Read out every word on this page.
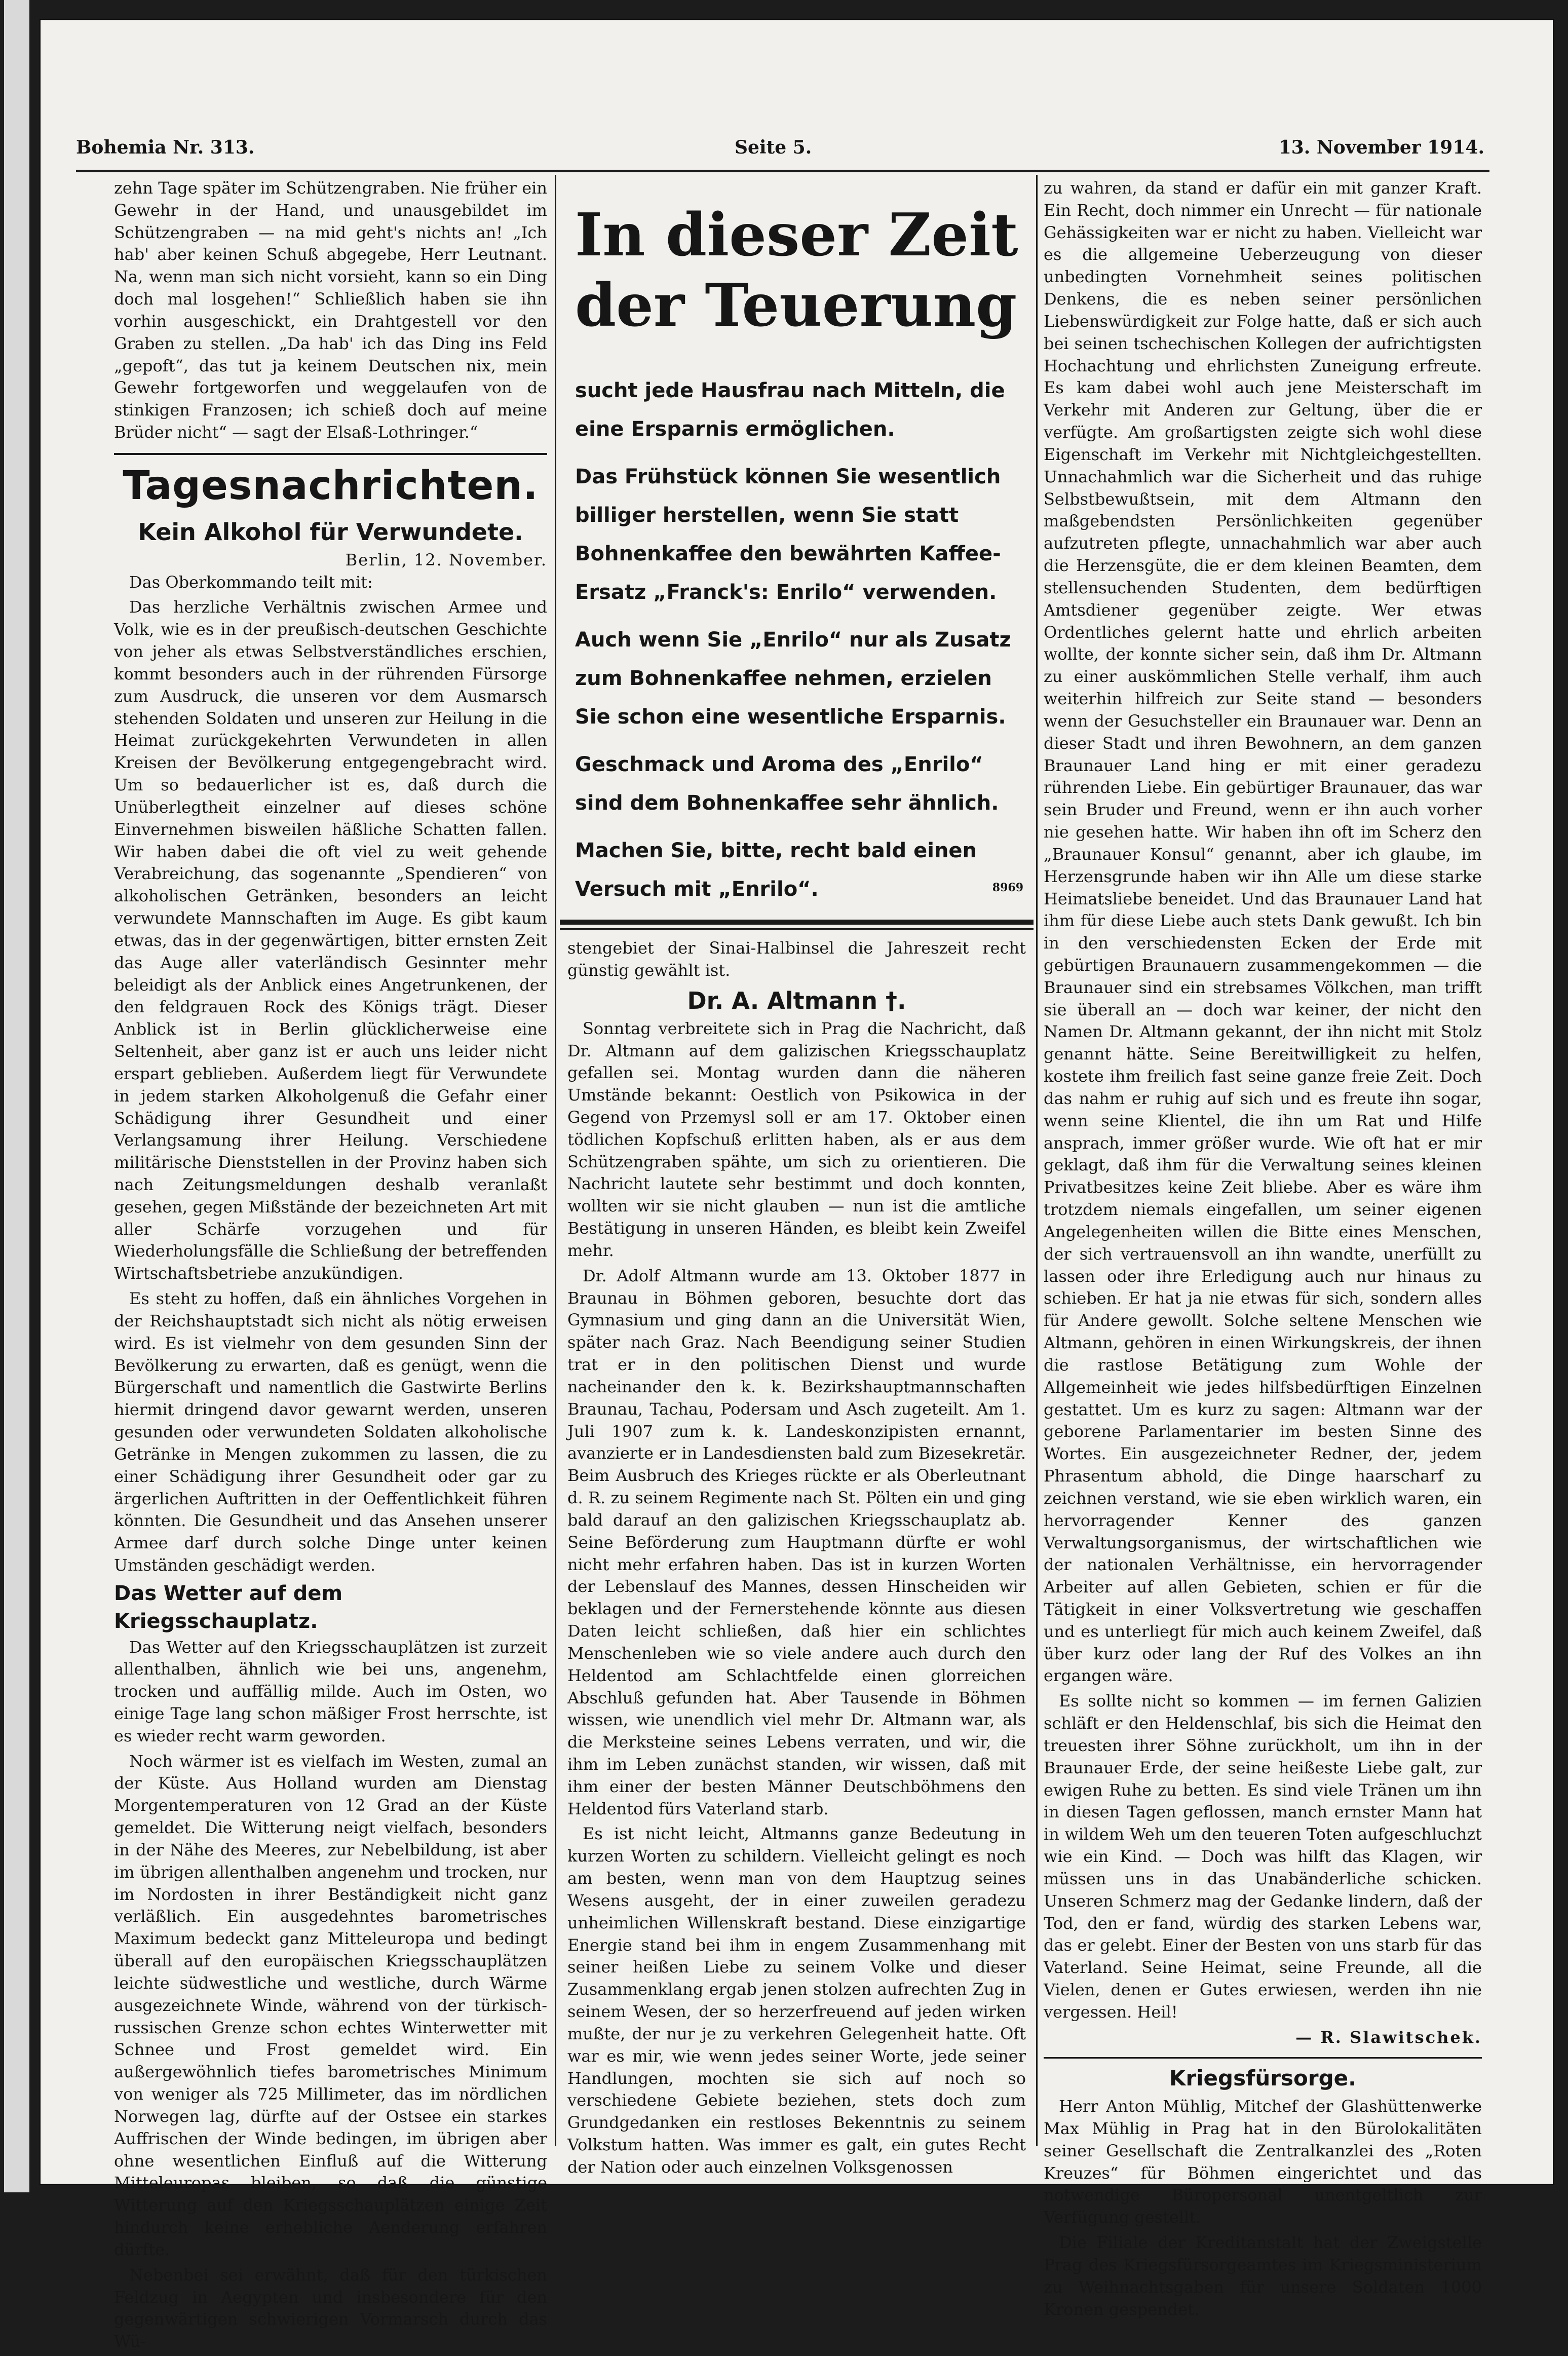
Bohemia Nr. 313.	Seite 5.	13. November 1914.

zehn Tage später im Schützengraben. Nie früher ein Gewehr in der Hand, und unausgebildet im Schützengraben — na mid geht's nichts an! „Ich hab' aber keinen Schuß abgegebe, Herr Leutnant. Na, wenn man sich nicht vorsieht, kann so ein Ding doch mal losgehen!“ Schließlich haben sie ihn vorhin ausgeschickt, ein Drahtgestell vor den Graben zu stellen. „Da hab' ich das Ding ins Feld „gepoft“, das tut ja keinem Deutschen nix, mein Gewehr fortgeworfen und weggelaufen von de stinkigen Franzosen; ich schieß doch auf meine Brüder nicht“ — sagt der Elsaß-Lothringer.“

Tagesnachrichten.
Kein Alkohol für Verwundete.
Berlin, 12. November.

Das Oberkommando teilt mit:

Das herzliche Verhältnis zwischen Armee und Volk, wie es in der preußisch-deutschen Geschichte von jeher als etwas Selbstverständliches erschien, kommt besonders auch in der rührenden Fürsorge zum Ausdruck, die unseren vor dem Ausmarsch stehenden Soldaten und unseren zur Heilung in die Heimat zurückgekehrten Verwundeten in allen Kreisen der Bevölkerung entgegengebracht wird. Um so bedauerlicher ist es, daß durch die Unüberlegtheit einzelner auf dieses schöne Einvernehmen bisweilen häßliche Schatten fallen. Wir haben dabei die oft viel zu weit gehende Verabreichung, das sogenannte „Spendieren“ von alkoholischen Getränken, besonders an leicht verwundete Mannschaften im Auge. Es gibt kaum etwas, das in der gegenwärtigen, bitter ernsten Zeit das Auge aller vaterländisch Gesinnter mehr beleidigt als der Anblick eines Angetrunkenen, der den feldgrauen Rock des Königs trägt. Dieser Anblick ist in Berlin glücklicherweise eine Seltenheit, aber ganz ist er auch uns leider nicht erspart geblieben. Außerdem liegt für Verwundete in jedem starken Alkoholgenuß die Gefahr einer Schädigung ihrer Gesundheit und einer Verlangsamung ihrer Heilung. Verschiedene militärische Dienststellen in der Provinz haben sich nach Zeitungsmeldungen deshalb veranlaßt gesehen, gegen Mißstände der bezeichneten Art mit aller Schärfe vorzugehen und für Wiederholungsfälle die Schließung der betreffenden Wirtschaftsbetriebe anzukündigen.

Es steht zu hoffen, daß ein ähnliches Vorgehen in der Reichshauptstadt sich nicht als nötig erweisen wird. Es ist vielmehr von dem gesunden Sinn der Bevölkerung zu erwarten, daß es genügt, wenn die Bürgerschaft und namentlich die Gastwirte Berlins hiermit dringend davor gewarnt werden, unseren gesunden oder verwundeten Soldaten alkoholische Getränke in Mengen zukommen zu lassen, die zu einer Schädigung ihrer Gesundheit oder gar zu ärgerlichen Auftritten in der Oeffentlichkeit führen könnten. Die Gesundheit und das Ansehen unserer Armee darf durch solche Dinge unter keinen Umständen geschädigt werden.

Das Wetter auf dem Kriegsschauplatz.

Das Wetter auf den Kriegsschauplätzen ist zurzeit allenthalben, ähnlich wie bei uns, angenehm, trocken und auffällig milde. Auch im Osten, wo einige Tage lang schon mäßiger Frost herrschte, ist es wieder recht warm geworden.

Noch wärmer ist es vielfach im Westen, zumal an der Küste. Aus Holland wurden am Dienstag Morgentemperaturen von 12 Grad an der Küste gemeldet. Die Witterung neigt vielfach, besonders in der Nähe des Meeres, zur Nebelbildung, ist aber im übrigen allenthalben angenehm und trocken, nur im Nordosten in ihrer Beständigkeit nicht ganz verläßlich. Ein ausgedehntes barometrisches Maximum bedeckt ganz Mitteleuropa und bedingt überall auf den europäischen Kriegsschauplätzen leichte südwestliche und westliche, durch Wärme ausgezeichnete Winde, während von der türkisch-russischen Grenze schon echtes Winterwetter mit Schnee und Frost gemeldet wird. Ein außergewöhnlich tiefes barometrisches Minimum von weniger als 725 Millimeter, das im nördlichen Norwegen lag, dürfte auf der Ostsee ein starkes Auffrischen der Winde bedingen, im übrigen aber ohne wesentlichen Einfluß auf die Witterung Mitteleuropas bleiben, so daß die günstige Witterung auf den Kriegsschauplätzen einige Zeit hindurch keine erhebliche Aenderung erfahren dürfte.

Nebenbei sei erwähnt, daß für den türkischen Feldzug in Aegypten und insbesondere für den gegenwärtigen schwierigen Vormarsch durch das Wü-

In dieser Zeit
der Teuerung

sucht jede Hausfrau nach Mitteln, die eine Ersparnis ermöglichen.

Das Frühstück können Sie wesentlich billiger herstellen, wenn Sie statt Bohnenkaffee den bewährten Kaffee-Ersatz „Franck's: Enrilo“ verwenden.

Auch wenn Sie „Enrilo“ nur als Zusatz zum Bohnenkaffee nehmen, erzielen Sie schon eine wesentliche Ersparnis.

Geschmack und Aroma des „Enrilo“ sind dem Bohnenkaffee sehr ähnlich.

Machen Sie, bitte, recht bald einen Versuch mit „Enrilo“.	8969

stengebiet der Sinai-Halbinsel die Jahreszeit recht günstig gewählt ist.

Dr. A. Altmann †.

Sonntag verbreitete sich in Prag die Nachricht, daß Dr. Altmann auf dem galizischen Kriegsschauplatz gefallen sei. Montag wurden dann die näheren Umstände bekannt: Oestlich von Psikowica in der Gegend von Przemysl soll er am 17. Oktober einen tödlichen Kopfschuß erlitten haben, als er aus dem Schützengraben spähte, um sich zu orientieren. Die Nachricht lautete sehr bestimmt und doch konnten, wollten wir sie nicht glauben — nun ist die amtliche Bestätigung in unseren Händen, es bleibt kein Zweifel mehr.

Dr. Adolf Altmann wurde am 13. Oktober 1877 in Braunau in Böhmen geboren, besuchte dort das Gymnasium und ging dann an die Universität Wien, später nach Graz. Nach Beendigung seiner Studien trat er in den politischen Dienst und wurde nacheinander den k. k. Bezirkshauptmannschaften Braunau, Tachau, Podersam und Asch zugeteilt. Am 1. Juli 1907 zum k. k. Landeskonzipisten ernannt, avanzierte er in Landesdiensten bald zum Bizesekretär. Beim Ausbruch des Krieges rückte er als Oberleutnant d. R. zu seinem Regimente nach St. Pölten ein und ging bald darauf an den galizischen Kriegsschauplatz ab. Seine Beförderung zum Hauptmann dürfte er wohl nicht mehr erfahren haben. Das ist in kurzen Worten der Lebenslauf des Mannes, dessen Hinscheiden wir beklagen und der Fernerstehende könnte aus diesen Daten leicht schließen, daß hier ein schlichtes Menschenleben wie so viele andere auch durch den Heldentod am Schlachtfelde einen glorreichen Abschluß gefunden hat. Aber Tausende in Böhmen wissen, wie unendlich viel mehr Dr. Altmann war, als die Merksteine seines Lebens verraten, und wir, die ihm im Leben zunächst standen, wir wissen, daß mit ihm einer der besten Männer Deutschböhmens den Heldentod fürs Vaterland starb.

Es ist nicht leicht, Altmanns ganze Bedeutung in kurzen Worten zu schildern. Vielleicht gelingt es noch am besten, wenn man von dem Hauptzug seines Wesens ausgeht, der in einer zuweilen geradezu unheimlichen Willenskraft bestand. Diese einzigartige Energie stand bei ihm in engem Zusammenhang mit seiner heißen Liebe zu seinem Volke und dieser Zusammenklang ergab jenen stolzen aufrechten Zug in seinem Wesen, der so herzerfreuend auf jeden wirken mußte, der nur je zu verkehren Gelegenheit hatte. Oft war es mir, wie wenn jedes seiner Worte, jede seiner Handlungen, mochten sie sich auf noch so verschiedene Gebiete beziehen, stets doch zum Grundgedanken ein restloses Bekenntnis zu seinem Volkstum hatten. Was immer es galt, ein gutes Recht der Nation oder auch einzelnen Volksgenossen

zu wahren, da stand er dafür ein mit ganzer Kraft. Ein Recht, doch nimmer ein Unrecht — für nationale Gehässigkeiten war er nicht zu haben. Vielleicht war es die allgemeine Ueberzeugung von dieser unbedingten Vornehmheit seines politischen Denkens, die es neben seiner persönlichen Liebenswürdigkeit zur Folge hatte, daß er sich auch bei seinen tschechischen Kollegen der aufrichtigsten Hochachtung und ehrlichsten Zuneigung erfreute. Es kam dabei wohl auch jene Meisterschaft im Verkehr mit Anderen zur Geltung, über die er verfügte. Am großartigsten zeigte sich wohl diese Eigenschaft im Verkehr mit Nichtgleichgestellten. Unnachahmlich war die Sicherheit und das ruhige Selbstbewußtsein, mit dem Altmann den maßgebendsten Persönlichkeiten gegenüber aufzutreten pflegte, unnachahmlich war aber auch die Herzensgüte, die er dem kleinen Beamten, dem stellensuchenden Studenten, dem bedürftigen Amtsdiener gegenüber zeigte. Wer etwas Ordentliches gelernt hatte und ehrlich arbeiten wollte, der konnte sicher sein, daß ihm Dr. Altmann zu einer auskömmlichen Stelle verhalf, ihm auch weiterhin hilfreich zur Seite stand — besonders wenn der Gesuchsteller ein Braunauer war. Denn an dieser Stadt und ihren Bewohnern, an dem ganzen Braunauer Land hing er mit einer geradezu rührenden Liebe. Ein gebürtiger Braunauer, das war sein Bruder und Freund, wenn er ihn auch vorher nie gesehen hatte. Wir haben ihn oft im Scherz den „Braunauer Konsul“ genannt, aber ich glaube, im Herzensgrunde haben wir ihn Alle um diese starke Heimatsliebe beneidet. Und das Braunauer Land hat ihm für diese Liebe auch stets Dank gewußt. Ich bin in den verschiedensten Ecken der Erde mit gebürtigen Braunauern zusammengekommen — die Braunauer sind ein strebsames Völkchen, man trifft sie überall an — doch war keiner, der nicht den Namen Dr. Altmann gekannt, der ihn nicht mit Stolz genannt hätte. Seine Bereitwilligkeit zu helfen, kostete ihm freilich fast seine ganze freie Zeit. Doch das nahm er ruhig auf sich und es freute ihn sogar, wenn seine Klientel, die ihn um Rat und Hilfe ansprach, immer größer wurde. Wie oft hat er mir geklagt, daß ihm für die Verwaltung seines kleinen Privatbesitzes keine Zeit bliebe. Aber es wäre ihm trotzdem niemals eingefallen, um seiner eigenen Angelegenheiten willen die Bitte eines Menschen, der sich vertrauensvoll an ihn wandte, unerfüllt zu lassen oder ihre Erledigung auch nur hinaus zu schieben. Er hat ja nie etwas für sich, sondern alles für Andere gewollt. Solche seltene Menschen wie Altmann, gehören in einen Wirkungskreis, der ihnen die rastlose Betätigung zum Wohle der Allgemeinheit wie jedes hilfsbedürftigen Einzelnen gestattet. Um es kurz zu sagen: Altmann war der geborene Parlamentarier im besten Sinne des Wortes. Ein ausgezeichneter Redner, der, jedem Phrasentum abhold, die Dinge haarscharf zu zeichnen verstand, wie sie eben wirklich waren, ein hervorragender Kenner des ganzen Verwaltungsorganismus, der wirtschaftlichen wie der nationalen Verhältnisse, ein hervorragender Arbeiter auf allen Gebieten, schien er für die Tätigkeit in einer Volksvertretung wie geschaffen und es unterliegt für mich auch keinem Zweifel, daß über kurz oder lang der Ruf des Volkes an ihn ergangen wäre.

Es sollte nicht so kommen — im fernen Galizien schläft er den Heldenschlaf, bis sich die Heimat den treuesten ihrer Söhne zurückholt, um ihn in der Braunauer Erde, der seine heißeste Liebe galt, zur ewigen Ruhe zu betten. Es sind viele Tränen um ihn in diesen Tagen geflossen, manch ernster Mann hat in wildem Weh um den teueren Toten aufgeschluchzt wie ein Kind. — Doch was hilft das Klagen, wir müssen uns in das Unabänderliche schicken. Unseren Schmerz mag der Gedanke lindern, daß der Tod, den er fand, würdig des starken Lebens war, das er gelebt. Einer der Besten von uns starb für das Vaterland. Seine Heimat, seine Freunde, all die Vielen, denen er Gutes erwiesen, werden ihn nie vergessen. Heil!

— R. Slawitschek.
Kriegsfürsorge.

Herr Anton Mühlig, Mitchef der Glashüttenwerke Max Mühlig in Prag hat in den Bürolokalitäten seiner Gesellschaft die Zentralkanzlei des „Roten Kreuzes“ für Böhmen eingerichtet und das notwendige Büropersonal unentgeltlich zur Verfügung gestellt.

Die Filiale der Kreditanstalt hat der Zweigstelle Prag des Kriegsfürsorgeamtes im Kriegsministerium zu Weihnachtsgaben für unsere Soldaten 1000 Kronen gespendet.
